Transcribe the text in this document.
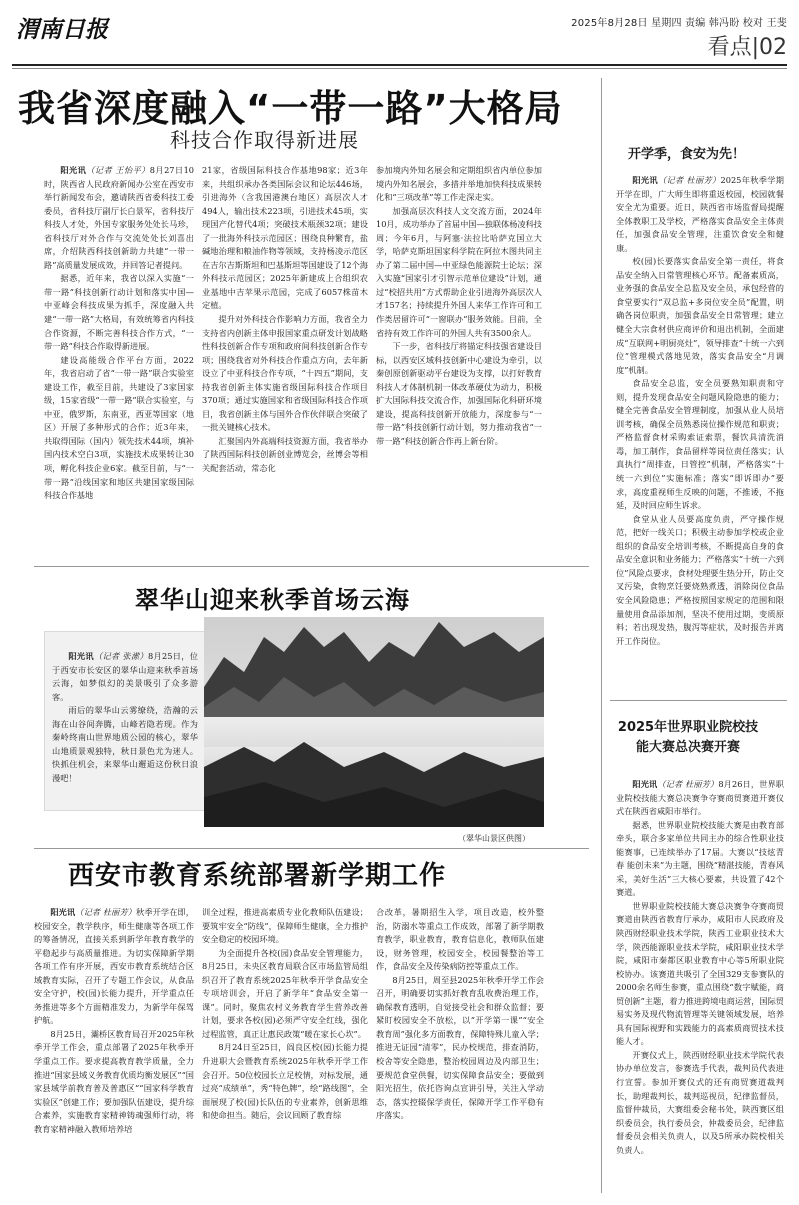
渭南日报	2025年8月28日 星期四 责编 韩冯盼 校对 王斐
看点|02
我省深度融入“一带一路”大格局
科技合作取得新进展

阳光讯（记者 王怡平）8月27日10时，陕西省人民政府新闻办公室在西安市举行新闻发布会，邀请陕西省委科技工委委员，省科技厅副厅长白景军，省科技厅科技人才处，外国专家服务处处长马珍，省科技厅对外合作与交流处处长刘喜出席，介绍陕西科技创新助力共建“一带一路”高质量发展成效，并回答记者提问。

据悉，近年来，我省以深入实施“一带一路”科技创新行动计划和落实中国—中亚峰会科技成果为抓手，深度融入共建“一带一路”大格局，有效统筹省内科技合作资源，不断完善科技合作方式，“一带一路”科技合作取得新进展。

建设高能级合作平台方面，2022年，我省启动了省“一带一路”联合实验室建设工作，截至目前，共建设了3家国家级，15家省级“一带一路”联合实验室，与中亚，俄罗斯，东南亚，西亚等国家（地区）开展了多种形式的合作；近3年来，共取得国际（国内）领先技术44项，填补国内技术空白3项，实施技术成果转让30项，孵化科技企业6家。截至目前，与“一带一路”沿线国家和地区共建国家级国际科技合作基地

21家，省级国际科技合作基地98家；近3年来，共组织承办各类国际会议和论坛446场，引进海外（含我国港澳台地区）高层次人才494人，输出技术223项，引进技术45项，实现国产化替代4项；突破技术瓶颈32项；建设了一批海外科技示范园区；围绕良种繁育，盐碱地治理和粮油作物等领域，支持杨凌示范区在吉尔吉斯斯坦和巴基斯坦等国建设了12个海外科技示范园区；2025年新建成上合组织农业基地中吉苹果示范园，完成了6057株苗木定植。

提升对外科技合作影响力方面，我省全力支持省内创新主体申报国家重点研发计划战略性科技创新合作专项和政府间科技创新合作专项；围绕我省对外科技合作重点方向，去年新设立了中亚科技合作专项，“十四五”期间，支持我省创新主体实施省级国际科技合作项目370项；通过实施国家和省级国际科技合作项目，我省创新主体与国外合作伙伴联合突破了一批关键核心技术。

汇聚国内外高端科技资源方面，我省举办了陕西国际科技创新创业博览会，丝博会等相关配套活动，常态化

参加境内外知名展会和定期组织省内单位参加境内外知名展会，多措并举地加快科技成果转化和“三项改革”等工作走深走实。

加强高层次科技人文交流方面，2024年10月，成功举办了首届中国—独联体杨凌科技周；今年6月，与阿塞·法拉比哈萨克国立大学，哈萨克斯坦国家科学院在阿拉木图共同主办了第二届中国—中亚绿色能源院士论坛；深入实施“国家引才引智示范单位建设”计划，通过“校招共用”方式帮助企业引进海外高层次人才157名；持续提升外国人来华工作许可和工作类居留许可“一窗联办”服务效能。目前，全省持有效工作许可的外国人共有3500余人。

下一步，省科技厅将锚定科技强省建设目标，以西安区域科技创新中心建设为牵引，以秦创原创新驱动平台建设为支撑，以打好教育科技人才体制机制一体改革硬仗为动力，积极扩大国际科技交流合作，加强国际化科研环境建设，提高科技创新开放能力，深度参与“一带一路”科技创新行动计划，努力推动我省“一带一路”科技创新合作再上新台阶。

开学季，食安为先！

阳光讯（记者 杜丽芳）2025年秋季学期开学在即，广大师生即将重返校园，校园就餐安全尤为重要。近日，陕西省市场监督局提醒全体教职工及学校，严格落实食品安全主体责任，加强食品安全管理，注重饮食安全和健康。

校(园)长要落实食品安全第一责任，将食品安全纳入日常管理核心环节。配备素质高，业务强的食品安全总监及安全员，承包经营的食堂要实行“双总监+多岗位安全员”配置，明确各岗位职责，加强食品安全日常管理；建立健全大宗食材供应商评价和退出机制，全面建成“互联网+明厨亮灶”，领导排查“十统一六到位”管理模式落地见效，落实食品安全“月调度”机制。

食品安全总监，安全员要熟知职责和守则，提升发现食品安全问题风险隐患的能力；健全完善食品安全管理制度，加强从业人员培训考核，确保全员熟悉岗位操作规范和职责；严格监督食材采购索证索票，餐饮具清洗消毒，加工制作，食品留样等岗位责任落实；认真执行“周排查，日管控”机制，严格落实“十统一六到位”实施标准；落实“即诉即办”要求，高度重视师生反映的问题，不推诿，不拖延，及时回应师生诉求。

食堂从业人员要高度负责，严守操作规范，把好一线关口；积极主动参加学校或企业组织的食品安全培训考核，不断提高自身的食品安全意识和业务能力；严格落实“十统一六到位”风险点要求，食材处理要生热分开，防止交叉污染，食物烹饪要烧熟煮透，消除岗位食品安全风险隐患；严格按照国家规定的范围和限量使用食品添加剂，坚决不使用过期，变质原料；若出现发热，腹泻等症状，及时报告并离开工作岗位。

翠华山迎来秋季首场云海

阳光讯（记者 张潆）8月25日，位于西安市长安区的翠华山迎来秋季首场云海，如梦似幻的美景吸引了众多游客。

雨后的翠华山云雾缭绕，浩瀚的云海在山谷间奔腾，山峰若隐若现。作为秦岭终南山世界地质公园的核心，翠华山地质景观独特，秋日景色尤为迷人。快抓住机会，来翠华山邂逅这份秋日浪漫吧！

（翠华山景区供图）
2025年世界职业院校技能大赛总决赛开赛

阳光讯（记者 杜丽芳）8月26日，世界职业院校技能大赛总决赛争夺赛商贸赛道开赛仪式在陕西省咸阳市举行。

据悉，世界职业院校技能大赛是由教育部牵头，联合多家单位共同主办的综合性职业技能赛事，已连续举办了17届。大赛以“技炫青春 能创未来”为主题，围绕“精湛技能，青春风采，美好生活”三大核心要素，共设置了42个赛道。

世界职业院校技能大赛总决赛争夺赛商贸赛道由陕西省教育厅承办，咸阳市人民政府及陕西财经职业技术学院，陕西工业职业技术大学，陕西能源职业技术学院，咸阳职业技术学院，咸阳市秦都区职业教育中心等5所职业院校协办。该赛道共吸引了全国329支参赛队的2000余名师生参赛，重点围绕“数字赋能，商贸创新”主题，着力推进跨境电商运营，国际贸易实务及现代物流管理等关键领域发展，培养具有国际视野和实践能力的高素质商贸技术技能人才。

开赛仪式上，陕西财经职业技术学院代表协办单位发言，参赛选手代表，裁判员代表进行宣誓。参加开赛仪式的还有商贸赛道裁判长，助理裁判长，裁判巡视员，纪律监督员，监督仲裁员，大赛组委会秘书处，陕西赛区组织委员会，执行委员会，仲裁委员会，纪律监督委员会相关负责人，以及5所承办院校相关负责人。

西安市教育系统部署新学期工作

阳光讯（记者 杜丽芳）秋季开学在即，校园安全，教学秩序，师生健康等各项工作的筹备情况，直接关系到新学年教育教学的平稳起步与高质量推进。为切实保障新学期各项工作有序开展，西安市教育系统结合区域教育实际，召开了专题工作会议，从食品安全守护，校(园)长能力提升，开学重点任务推进等多个方面精准发力，为新学年保驾护航。

8月25日，灞桥区教育局召开2025年秋季开学工作会，重点部署了2025年秋季开学重点工作。要求提高教育教学质量，全力推进“国家县域义务教育优质均衡发展区”“国家县域学前教育普及普惠区”“国家科学教育实验区”创建工作；要加强队伍建设，提升综合素养，实施教育家精神铸魂强师行动，将教育家精神融入教师培养培

训全过程，推进高素质专业化教师队伍建设；要筑牢安全“防线”，保障师生健康，全力推护安全稳定的校园环境。

为全面提升各校(园)食品安全管理能力，8月25日，未央区教育局联合区市场监管局组织召开了教育系统2025年秋季开学食品安全专项培训会，开启了新学年“食品安全第一课”。同时，聚焦农村义务教育学生营养改善计划，要求各校(园)必须严守安全红线，强化过程监管，真正让惠民政策“暖在家长心坎”。

8月24日至25日，阎良区校(园)长能力提升进职大会暨教育系统2025年秋季开学工作会召开。50位校园长立足校情，对标发展，通过亮“成绩单”，秀“特色牌”，绘“路线图”，全面展现了校(园)长队伍的专业素养，创新思维和使命担当。随后，会议回顾了教育综

合改革，暑期招生入学，项目改造，校外整治，防溺水等重点工作成效，部署了新学期教育教学，职业教育，教育信息化，教师队伍建设，财务管理，校园安全，校园餐整治等工作，食品安全及传染病防控等重点工作。

8月25日，周至县2025年秋季开学工作会召开，明确要切实抓好教育乱收费治理工作，确保教育透明，自觉接受社会和群众监督；要紧盯校园安全不放松，以“开学第一课”“安全教育周”强化多方面教育，保障特殊儿童入学；推进无证园“清零”，民办校规范，排查消防，校舍等安全隐患，整治校园周边及内部卫生；要规范食堂供餐，切实保障食品安全；要做到阳光招生，依托咨询点宣讲引导，关注入学动态，落实控辍保学责任，保障开学工作平稳有序落实。
